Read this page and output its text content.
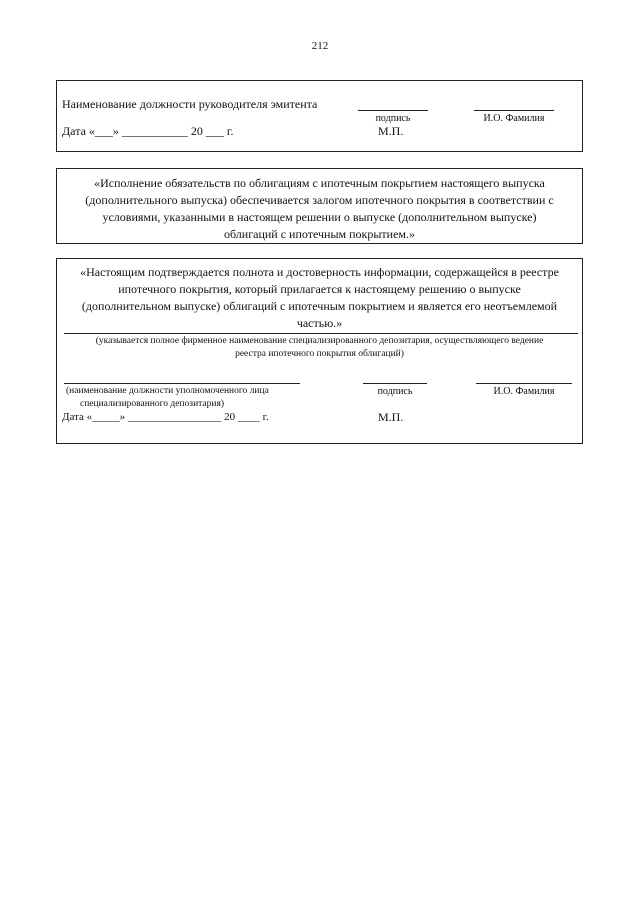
212
Наименование должности руководителя эмитента
подпись	И.О. Фамилия
Дата «___» ___________ 20 ___ г.	М.П.
«Исполнение обязательств по облигациям с ипотечным покрытием настоящего выпуска
(дополнительного выпуска) обеспечивается залогом ипотечного покрытия в соответствии с
условиями, указанными в настоящем решении о выпуске (дополнительном выпуске)
облигаций с ипотечным покрытием.»
«Настоящим подтверждается полнота и достоверность информации, содержащейся в реестре
ипотечного покрытия, который прилагается к настоящему решению о выпуске
(дополнительном выпуске) облигаций с ипотечным покрытием и является его неотъемлемой
частью.»
(указывается полное фирменное наименование специализированного депозитария, осуществляющего ведение
реестра ипотечного покрытия облигаций)
(наименование должности уполномоченного лица
специализированного депозитария)
подпись	И.О. Фамилия
Дата «_____» _________________ 20 ____ г.	М.П.
